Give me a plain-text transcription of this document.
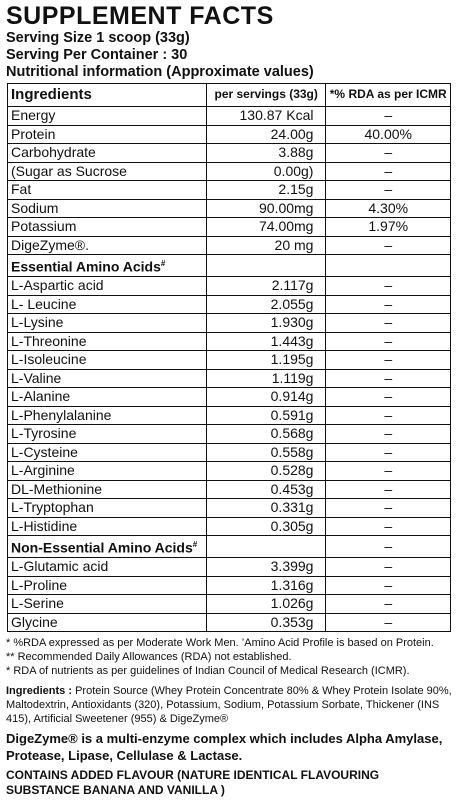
SUPPLEMENT FACTS
Serving Size 1 scoop (33g)
Serving Per Container : 30
Nutritional information (Approximate values)
Ingredients	per servings (33g)	*% RDA as per ICMR
Energy	130.87 Kcal	–
Protein	24.00g	40.00%
Carbohydrate	3.88g	–
(Sugar as Sucrose	0.00g)	–
Fat	2.15g	–
Sodium	90.00mg	4.30%
Potassium	74.00mg	1.97%
DigeZyme®.	20 mg	–
Essential Amino Acids#		
L-Aspartic acid	2.117g	–
L- Leucine	2.055g	–
L-Lysine	1.930g	–
L-Threonine	1.443g	–
L-Isoleucine	1.195g	–
L-Valine	1.119g	–
L-Alanine	0.914g	–
L-Phenylalanine	0.591g	–
L-Tyrosine	0.568g	–
L-Cysteine	0.558g	–
L-Arginine	0.528g	–
DL-Methionine	0.453g	–
L-Tryptophan	0.331g	–
L-Histidine	0.305g	–
Non-Essential Amino Acids#		–
L-Glutamic acid	3.399g	–
L-Proline	1.316g	–
L-Serine	1.026g	–
Glycine	0.353g	–
* %RDA expressed as per Moderate Work Men. ’Amino Acid Profile is based on Protein.
** Recommended Daily Allowances (RDA) not established.
* RDA of nutrients as per guidelines of Indian Council of Medical Research (ICMR).
Ingredients : Protein Source (Whey Protein Concentrate 80% & Whey Protein Isolate 90%, Maltodextrin, Antioxidants (320), Potassium, Sodium, Potassium Sorbate, Thickener (INS 415), Artificial Sweetener (955) & DigeZyme®
DigeZyme® is a multi-enzyme complex which includes Alpha Amylase, Protease, Lipase, Cellulase & Lactase.
CONTAINS ADDED FLAVOUR (NATURE IDENTICAL FLAVOURING SUBSTANCE BANANA AND VANILLA )
